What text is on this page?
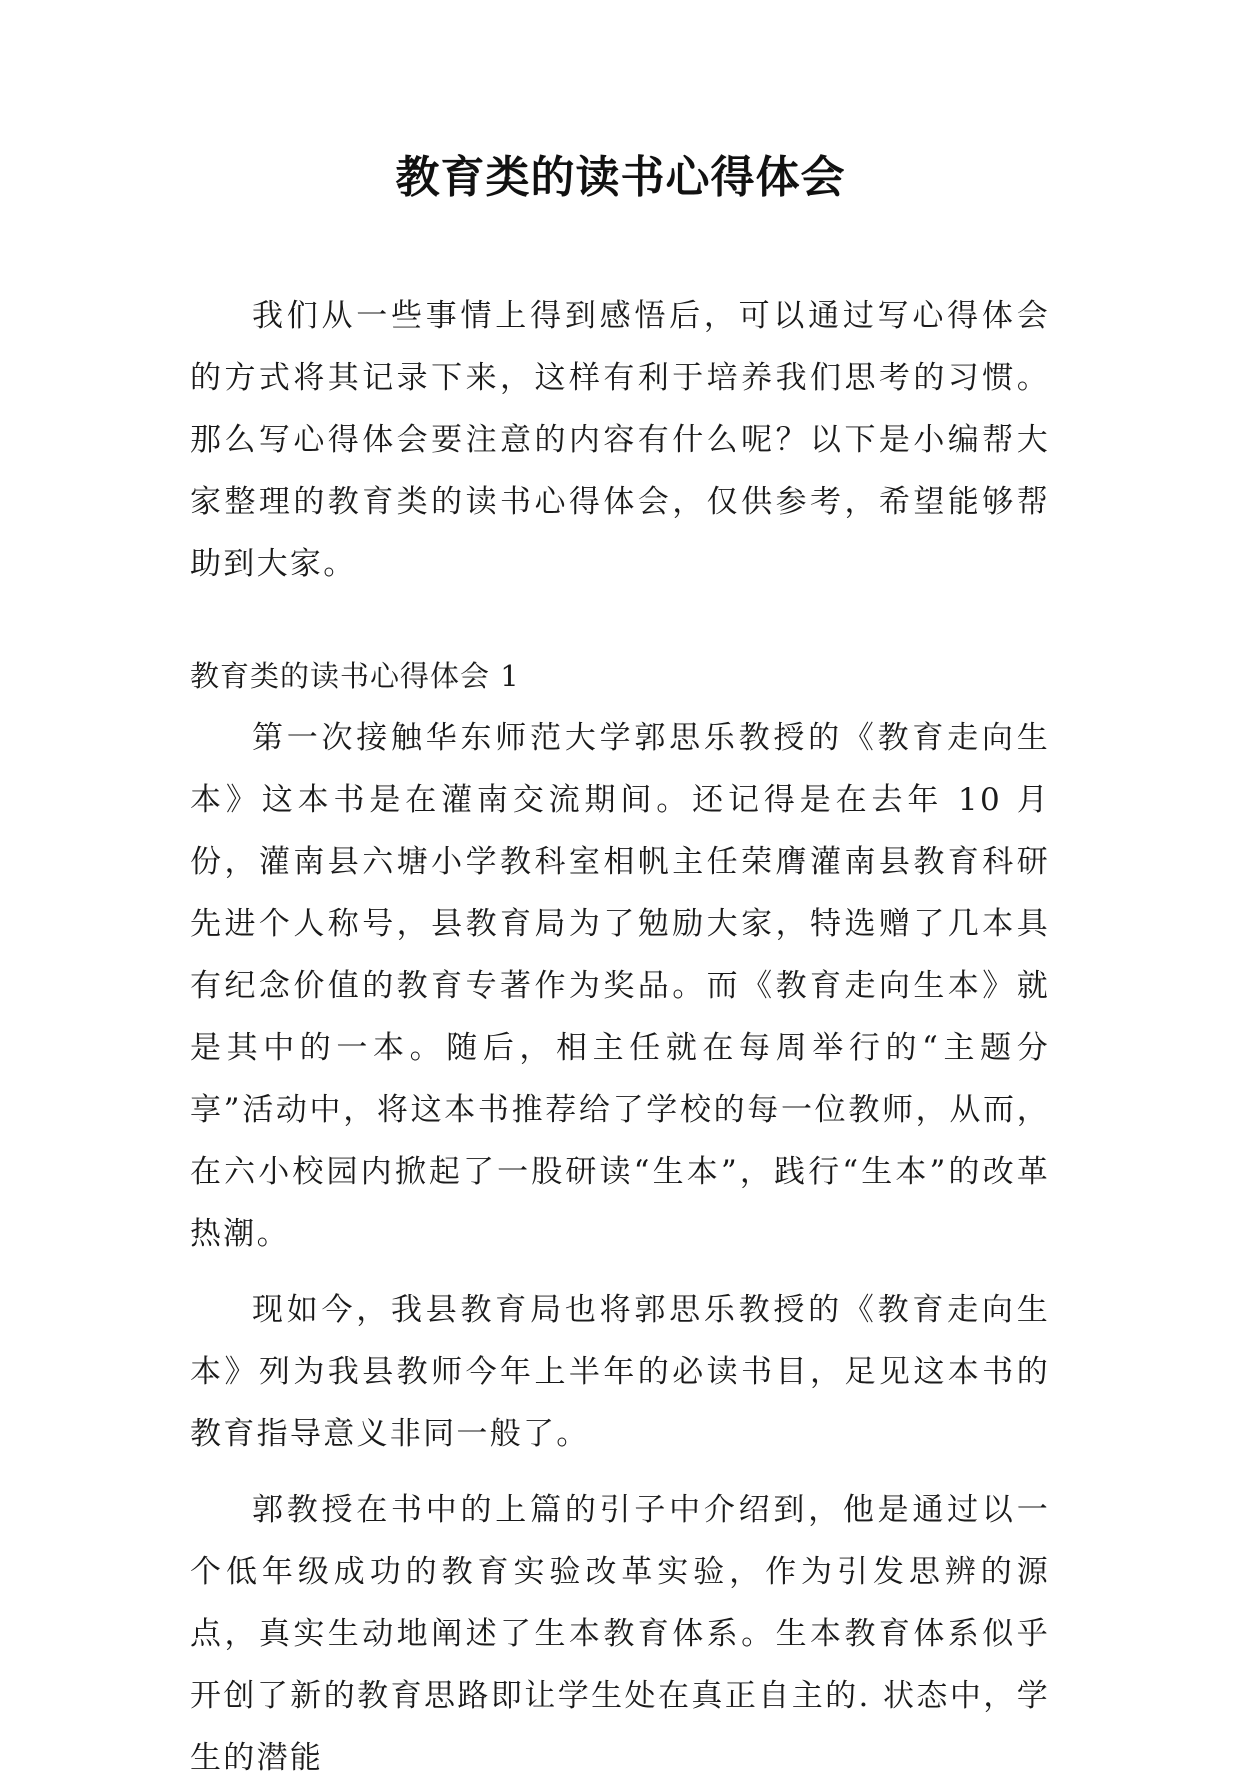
教育类的读书心得体会

我们从一些事情上得到感悟后，可以通过写心得体会的方式将其记录下来，这样有利于培养我们思考的习惯。那么写心得体会要注意的内容有什么呢？以下是小编帮大家整理的教育类的读书心得体会，仅供参考，希望能够帮助到大家。

教育类的读书心得体会 1

第一次接触华东师范大学郭思乐教授的《教育走向生本》这本书是在灌南交流期间。还记得是在去年 10 月份，灌南县六塘小学教科室相帆主任荣膺灌南县教育科研先进个人称号，县教育局为了勉励大家，特选赠了几本具有纪念价值的教育专著作为奖品。而《教育走向生本》就是其中的一本。随后，相主任就在每周举行的“主题分享”活动中，将这本书推荐给了学校的每一位教师，从而，在六小校园内掀起了一股研读“生本”，践行“生本”的改革热潮。

现如今，我县教育局也将郭思乐教授的《教育走向生本》列为我县教师今年上半年的必读书目，足见这本书的教育指导意义非同一般了。

郭教授在书中的上篇的引子中介绍到，他是通过以一个低年级成功的教育实验改革实验，作为引发思辨的源点，真实生动地阐述了生本教育体系。生本教育体系似乎开创了新的教育思路即让学生处在真正自主的. 状态中，学生的潜能
